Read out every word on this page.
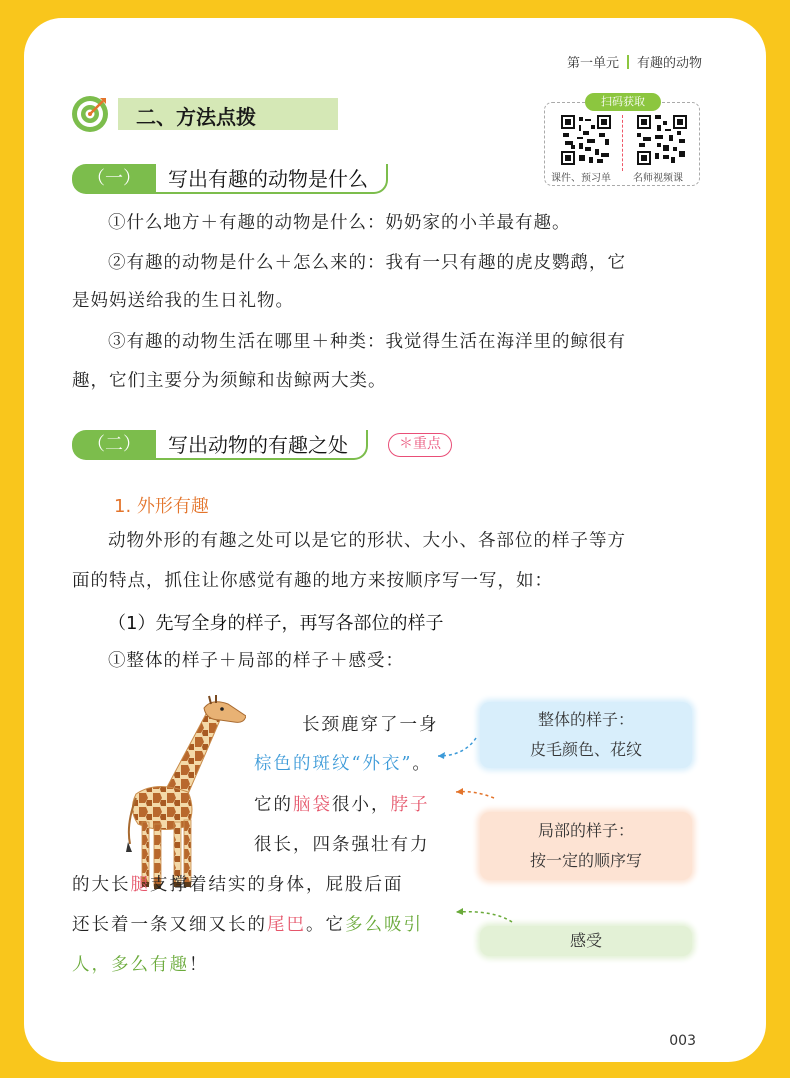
第一单元 有趣的动物
二、方法点拨
扫码获取
课件、预习单 名师视频课
（一）	写出有趣的动物是什么
①什么地方＋有趣的动物是什么：奶奶家的小羊最有趣。
②有趣的动物是什么＋怎么来的：我有一只有趣的虎皮鹦鹉，它
是妈妈送给我的生日礼物。
③有趣的动物生活在哪里＋种类：我觉得生活在海洋里的鲸很有
趣，它们主要分为须鲸和齿鲸两大类。
（二）	写出动物的有趣之处	＊重点
1. 外形有趣
动物外形的有趣之处可以是它的形状、大小、各部位的样子等方
面的特点，抓住让你感觉有趣的地方来按顺序写一写，如：
（1）先写全身的样子，再写各部位的样子
①整体的样子＋局部的样子＋感受：
长颈鹿穿了一身
棕色的斑纹“外衣”。
它的脑袋很小，脖子
很长，四条强壮有力
的大长腿支撑着结实的身体，屁股后面
还长着一条又细又长的尾巴。它多么吸引
人，多么有趣！
整体的样子：
皮毛颜色、花纹
局部的样子：
按一定的顺序写
感受
003
